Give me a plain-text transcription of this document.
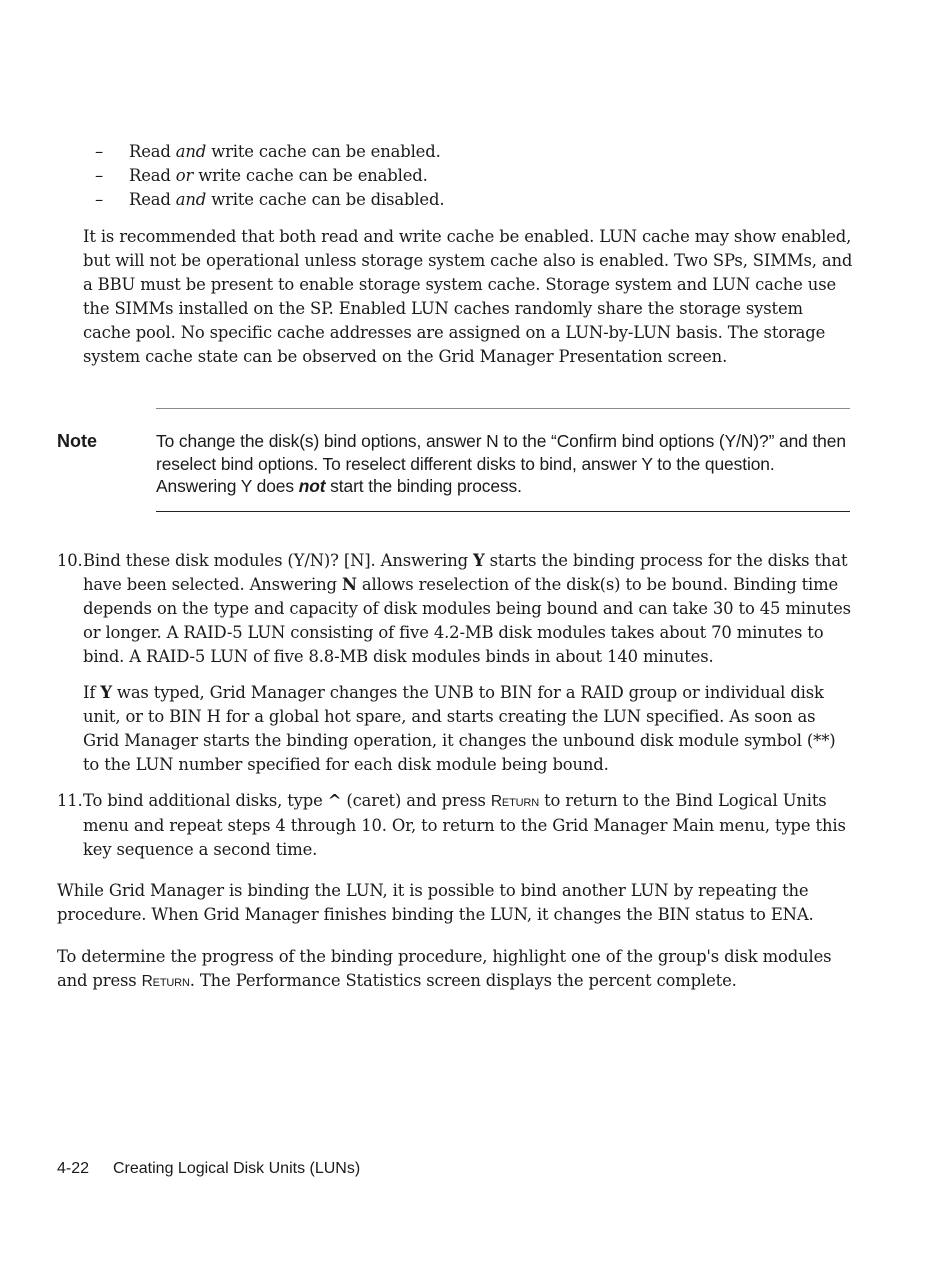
–	Read and write cache can be enabled.
–	Read or write cache can be enabled.
–	Read and write cache can be disabled.

It is recommended that both read and write cache be enabled. LUN cache may show enabled, but will not be operational unless storage system cache also is enabled. Two SPs, SIMMs, and a BBU must be present to enable storage system cache. Storage system and LUN cache use the SIMMs installed on the SP. Enabled LUN caches randomly share the storage system cache pool. No specific cache addresses are assigned on a LUN-by-LUN basis. The storage system cache state can be observed on the Grid Manager Presentation screen.

Note	To change the disk(s) bind options, answer N to the “Confirm bind options (Y/N)?” and then reselect bind options. To reselect different disks to bind, answer Y to the question. Answering Y does not start the binding process.

10. Bind these disk modules (Y/N)? [N]. Answering Y starts the binding process for the disks that have been selected. Answering N allows reselection of the disk(s) to be bound. Binding time depends on the type and capacity of disk modules being bound and can take 30 to 45 minutes or longer. A RAID-5 LUN consisting of five 4.2-MB disk modules takes about 70 minutes to bind. A RAID-5 LUN of five 8.8-MB disk modules binds in about 140 minutes.

If Y was typed, Grid Manager changes the UNB to BIN for a RAID group or individual disk unit, or to BIN H for a global hot spare, and starts creating the LUN specified. As soon as Grid Manager starts the binding operation, it changes the unbound disk module symbol (**) to the LUN number specified for each disk module being bound.

11. To bind additional disks, type ^ (caret) and press Return to return to the Bind Logical Units menu and repeat steps 4 through 10. Or, to return to the Grid Manager Main menu, type this key sequence a second time.

While Grid Manager is binding the LUN, it is possible to bind another LUN by repeating the procedure. When Grid Manager finishes binding the LUN, it changes the BIN status to ENA.

To determine the progress of the binding procedure, highlight one of the group's disk modules and press Return. The Performance Statistics screen displays the percent complete.

4-22 Creating Logical Disk Units (LUNs)
